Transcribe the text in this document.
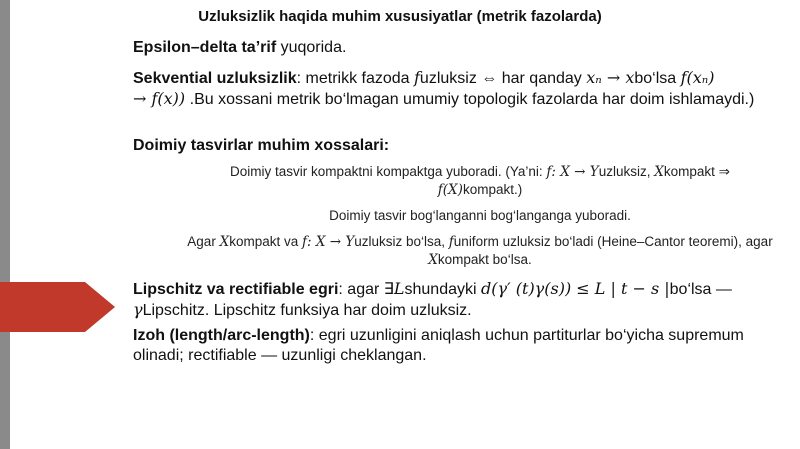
Uzluksizlik haqida muhim xususiyatlar (metrik fazolarda)
Epsilon–delta ta’rif yuqorida.
Sekvential uzluksizlik: metrikk fazoda fuzluksiz ⇔ har qanday xₙ → xbo‘lsa f(xₙ)
→ f(x)) .Bu xossani metrik bo‘lmagan umumiy topologik fazolarda har doim ishlamaydi.)
Doimiy tasvirlar muhim xossalari:
Doimiy tasvir kompaktni kompaktga yuboradi. (Ya’ni: f: X → Yuzluksiz, Xkompakt ⇒
f(X)kompakt.)
Doimiy tasvir bog‘langanni bog‘langanga yuboradi.
Agar Xkompakt va f: X → Yuzluksiz bo‘lsa, funiform uzluksiz bo‘ladi (Heine–Cantor teoremi), agar Xkompakt bo‘lsa.
Lipschitz va rectifiable egri: agar ∃Lshundayki d(γ′ (t)γ(s)) ≤ L | t − s |bo‘lsa —
γLipschitz. Lipschitz funksiya har doim uzluksiz.
Izoh (length/arc-length): egri uzunligini aniqlash uchun partiturlar bo‘yicha supremum olinadi; rectifiable — uzunligi cheklangan.
